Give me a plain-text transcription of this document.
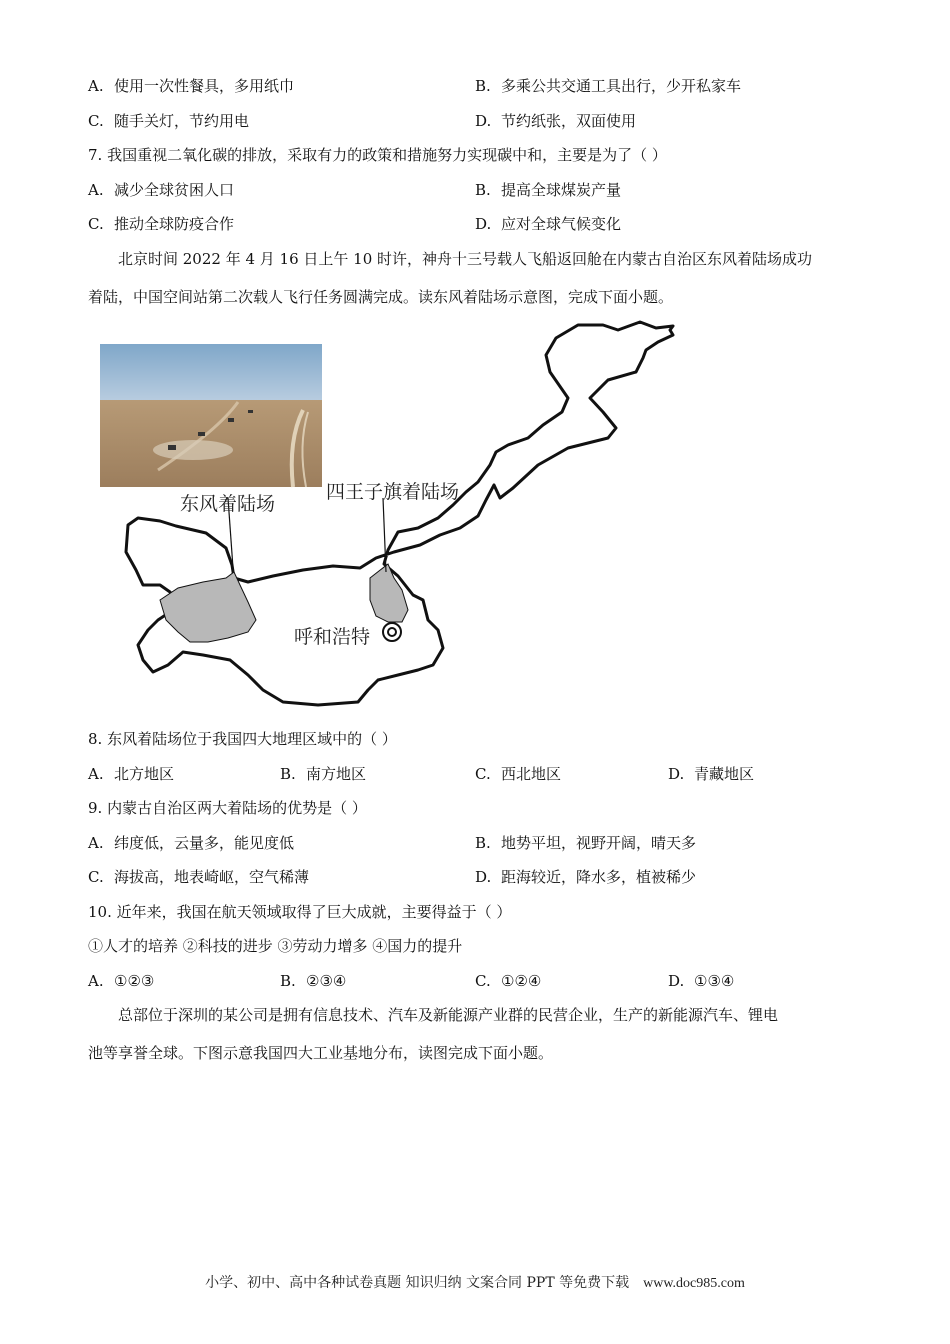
A. 使用一次性餐具，多用纸巾	B. 多乘公共交通工具出行，少开私家车
C. 随手关灯，节约用电	D. 节约纸张，双面使用
7. 我国重视二氧化碳的排放，采取有力的政策和措施努力实现碳中和，主要是为了（ ）
A. 减少全球贫困人口	B. 提高全球煤炭产量
C. 推动全球防疫合作	D. 应对全球气候变化
北京时间 2022 年 4 月 16 日上午 10 时许，神舟十三号载人飞船返回舱在内蒙古自治区东风着陆场成功
着陆，中国空间站第二次载人飞行任务圆满完成。读东风着陆场示意图，完成下面小题。
东风着陆场
四王子旗着陆场
呼和浩特
8. 东风着陆场位于我国四大地理区域中的（ ）
A. 北方地区	B. 南方地区	C. 西北地区	D. 青藏地区
9. 内蒙古自治区两大着陆场的优势是（ ）
A. 纬度低，云量多，能见度低	B. 地势平坦，视野开阔，晴天多
C. 海拔高，地表崎岖，空气稀薄	D. 距海较近，降水多，植被稀少
10. 近年来，我国在航天领域取得了巨大成就，主要得益于（ ）
①人才的培养 ②科技的进步 ③劳动力增多 ④国力的提升
A. ①②③	B. ②③④	C. ①②④	D. ①③④
总部位于深圳的某公司是拥有信息技术、汽车及新能源产业群的民营企业，生产的新能源汽车、锂电
池等享誉全球。下图示意我国四大工业基地分布，读图完成下面小题。
小学、初中、高中各种试卷真题 知识归纳 文案合同 PPT 等免费下载 www.doc985.com
